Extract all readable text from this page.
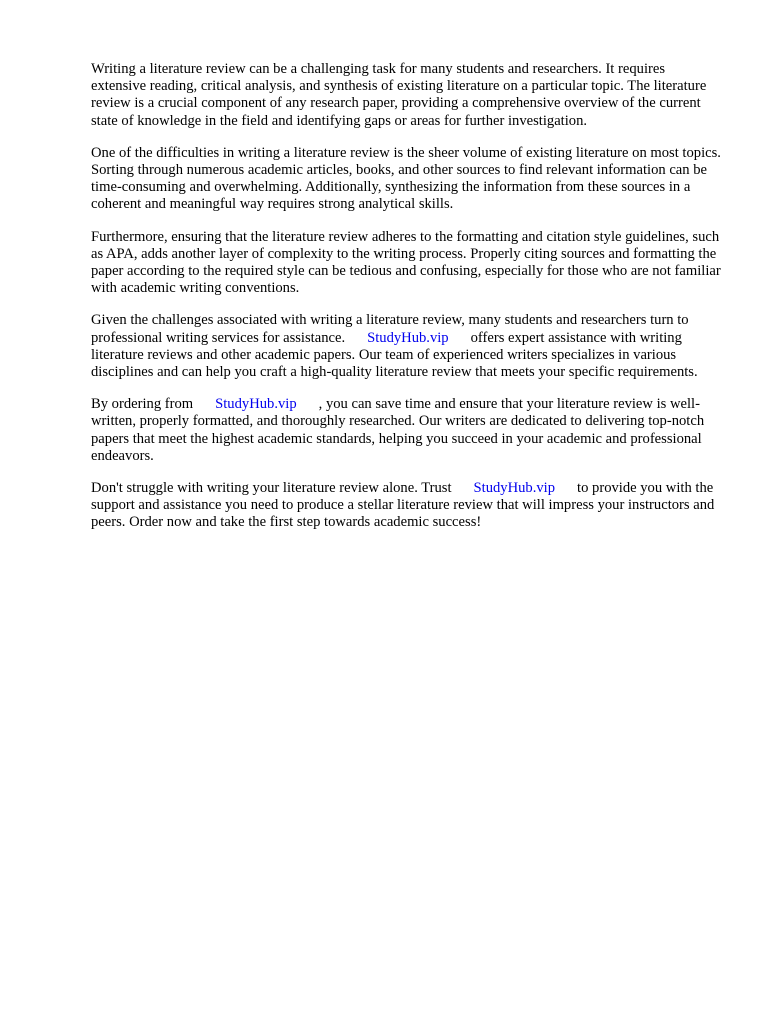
Writing a literature review can be a challenging task for many students and researchers. It requires extensive reading, critical analysis, and synthesis of existing literature on a particular topic. The literature review is a crucial component of any research paper, providing a comprehensive overview of the current state of knowledge in the field and identifying gaps or areas for further investigation.

One of the difficulties in writing a literature review is the sheer volume of existing literature on most topics. Sorting through numerous academic articles, books, and other sources to find relevant information can be time-consuming and overwhelming. Additionally, synthesizing the information from these sources in a coherent and meaningful way requires strong analytical skills.

Furthermore, ensuring that the literature review adheres to the formatting and citation style guidelines, such as APA, adds another layer of complexity to the writing process. Properly citing sources and formatting the paper according to the required style can be tedious and confusing, especially for those who are not familiar with academic writing conventions.

Given the challenges associated with writing a literature review, many students and researchers turn to professional writing services for assistance. StudyHub.vip offers expert assistance with writing literature reviews and other academic papers. Our team of experienced writers specializes in various disciplines and can help you craft a high-quality literature review that meets your specific requirements.

By ordering from StudyHub.vip , you can save time and ensure that your literature review is well-written, properly formatted, and thoroughly researched. Our writers are dedicated to delivering top-notch papers that meet the highest academic standards, helping you succeed in your academic and professional endeavors.

Don't struggle with writing your literature review alone. Trust StudyHub.vip to provide you with the support and assistance you need to produce a stellar literature review that will impress your instructors and peers. Order now and take the first step towards academic success!
